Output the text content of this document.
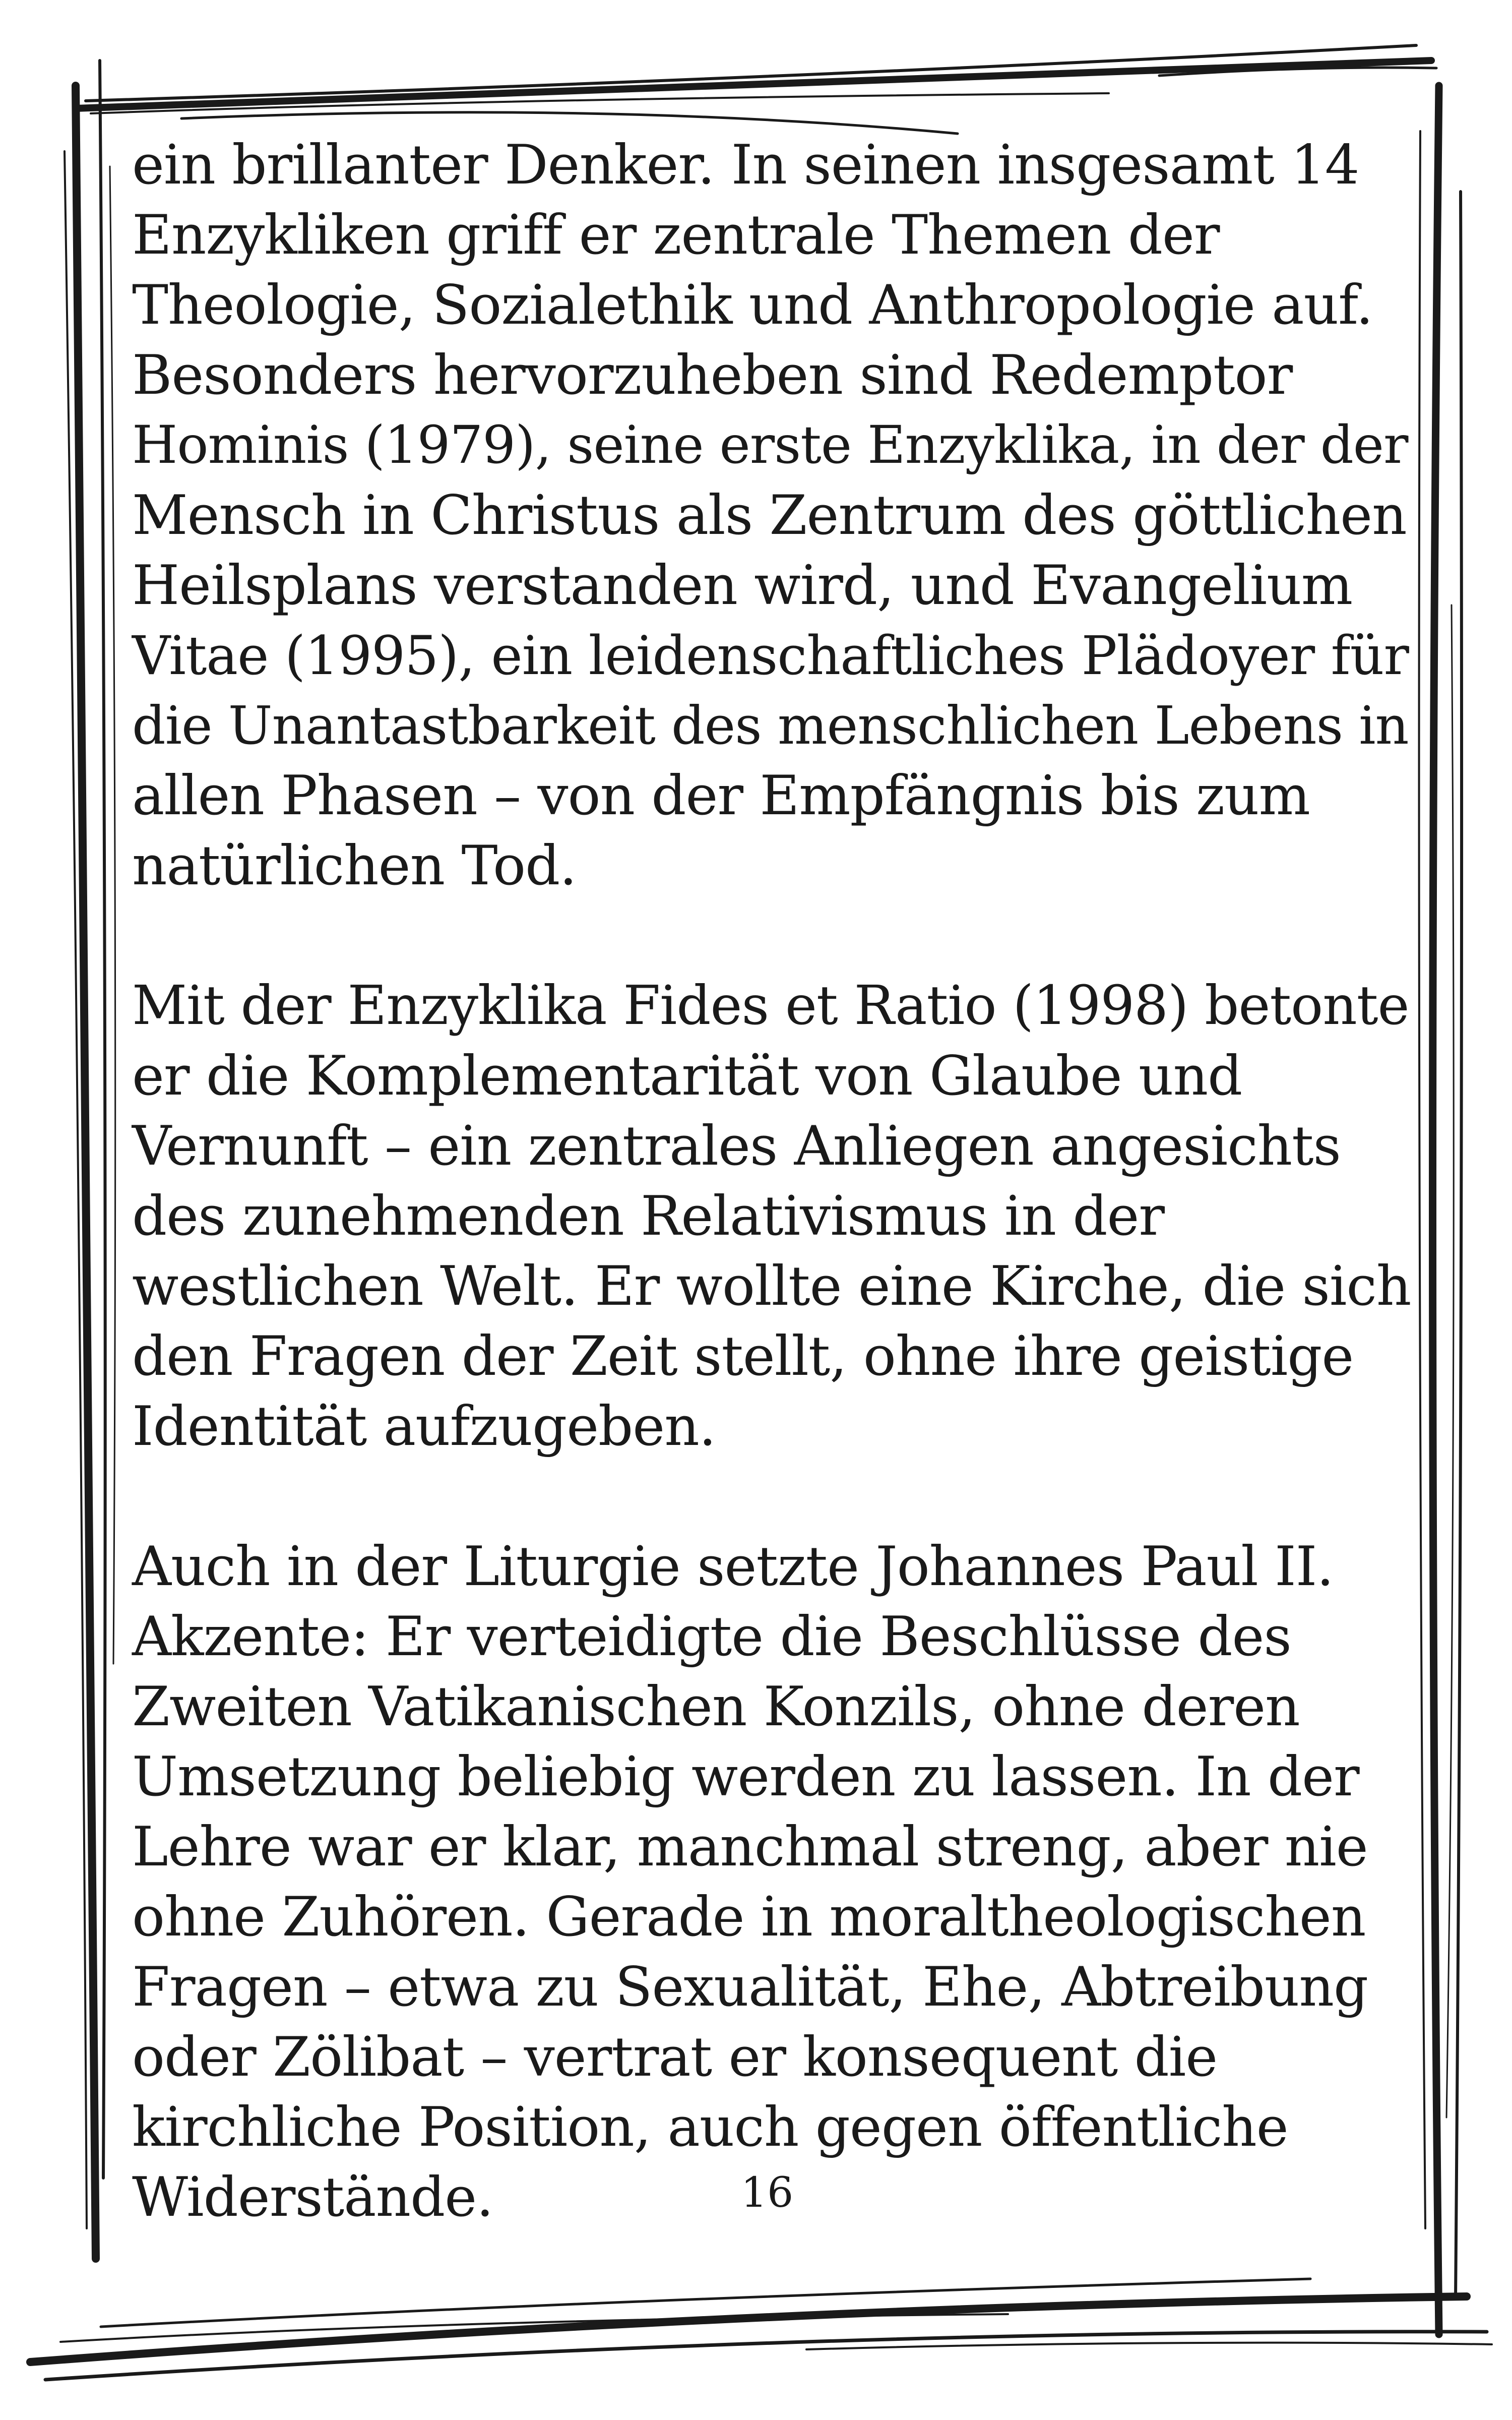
ein brillanter Denker. In seinen insgesamt 14
Enzykliken griff er zentrale Themen der
Theologie, Sozialethik und Anthropologie auf.
Besonders hervorzuheben sind Redemptor
Hominis (1979), seine erste Enzyklika, in der der
Mensch in Christus als Zentrum des göttlichen
Heilsplans verstanden wird, und Evangelium
Vitae (1995), ein leidenschaftliches Plädoyer für
die Unantastbarkeit des menschlichen Lebens in
allen Phasen – von der Empfängnis bis zum
natürlichen Tod.

Mit der Enzyklika Fides et Ratio (1998) betonte
er die Komplementarität von Glaube und
Vernunft – ein zentrales Anliegen angesichts
des zunehmenden Relativismus in der
westlichen Welt. Er wollte eine Kirche, die sich
den Fragen der Zeit stellt, ohne ihre geistige
Identität aufzugeben.

Auch in der Liturgie setzte Johannes Paul II.
Akzente: Er verteidigte die Beschlüsse des
Zweiten Vatikanischen Konzils, ohne deren
Umsetzung beliebig werden zu lassen. In der
Lehre war er klar, manchmal streng, aber nie
ohne Zuhören. Gerade in moraltheologischen
Fragen – etwa zu Sexualität, Ehe, Abtreibung
oder Zölibat – vertrat er konsequent die
kirchliche Position, auch gegen öffentliche
Widerstände.	16
